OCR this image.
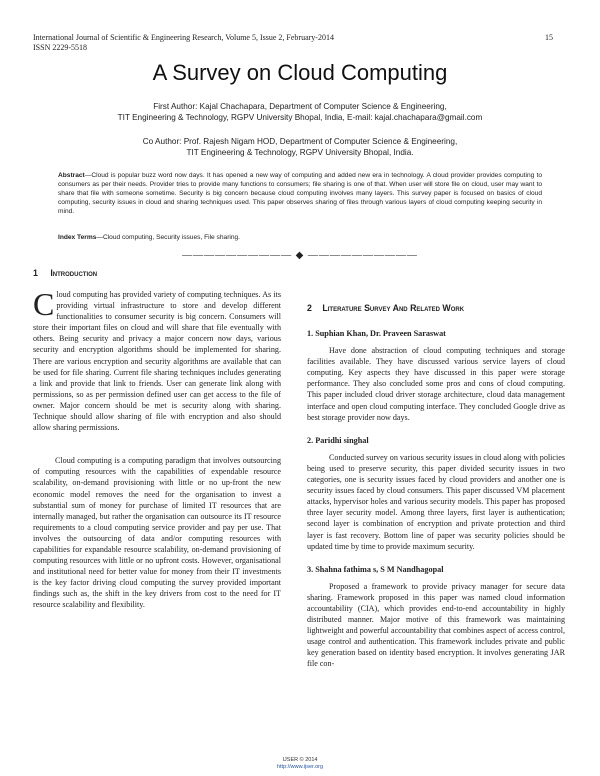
International Journal of Scientific & Engineering Research, Volume 5, Issue 2, February-2014
ISSN 2229-5518
15
A Survey on Cloud Computing
First Author: Kajal Chachapara, Department of Computer Science & Engineering,
TIT Engineering & Technology, RGPV University Bhopal, India, E-mail: kajal.chachapara@gmail.com
Co Author: Prof. Rajesh Nigam HOD, Department of Computer Science & Engineering,
TIT Engineering & Technology, RGPV University Bhopal, India.
Abstract—Cloud is popular buzz word now days. It has opened a new way of computing and added new era in technology. A cloud provider provides computing to consumers as per their needs. Provider tries to provide many functions to consumers; file sharing is one of that. When user will store file on cloud, user may want to share that file with someone sometime. Security is big concern because cloud computing involves many layers. This survey paper is focused on basics of cloud computing, security issues in cloud and sharing techniques used. This paper observes sharing of files through various layers of cloud computing keeping security in mind.
Index Terms—Cloud computing, Security issues, File sharing.
—————————— ◆ ——————————
1 Introduction

Cloud computing has provided variety of computing techniques. As its providing virtual infrastructure to store and develop different functionalities to consumer security is big concern. Consumers will store their important files on cloud and will share that file eventually with others. Being security and privacy a major concern now days, various security and encryption algorithms should be implemented for sharing. There are various encryption and security algorithms are available that can be used for file sharing. Current file sharing techniques includes generating a link and provide that link to friends. User can generate link along with permissions, so as per permission defined user can get access to the file of owner. Major concern should be met is security along with sharing. Technique should allow sharing of file with encryption and also should allow sharing permissions.

Cloud computing is a computing paradigm that involves outsourcing of computing resources with the capabilities of expendable resource scalability, on-demand provisioning with little or no up-front the new economic model removes the need for the organisation to invest a substantial sum of money for purchase of limited IT resources that are internally managed, but rather the organisation can outsource its IT resource requirements to a cloud computing service provider and pay per use. That involves the outsourcing of data and/or computing resources with capabilities for expandable resource scalability, on-demand provisioning of computing resources with little or no upfront costs. However, organisational and institutional need for better value for money from their IT investments is the key factor driving cloud computing the survey provided important findings such as, the shift in the key drivers from cost to the need for IT resource scalability and flexibility.

2 Literature Survey And Related Work
1. Suphian Khan, Dr. Praveen Saraswat

Have done abstraction of cloud computing techniques and storage facilities available. They have discussed various service layers of cloud computing. Key aspects they have discussed in this paper were storage performance. They also concluded some pros and cons of cloud computing. This paper included cloud driver storage architecture, cloud data management interface and open cloud computing interface. They concluded Google drive as best storage provider now days.

2. Paridhi singhal

Conducted survey on various security issues in cloud along with policies being used to preserve security, this paper divided security issues in two categories, one is security issues faced by cloud providers and another one is security issues faced by cloud consumers. This paper discussed VM placement attacks, hypervisor holes and various security models. This paper has proposed three layer security model. Among three layers, first layer is authentication; second layer is combination of encryption and private protection and third layer is fast recovery. Bottom line of paper was security policies should be updated time by time to provide maximum security.

3. Shahna fathima s, S M Nandhagopal

Proposed a framework to provide privacy manager for secure data sharing. Framework proposed in this paper was named cloud information accountability (CIA), which provides end-to-end accountability in highly distributed manner. Major motive of this framework was maintaining lightweight and powerful accountability that combines aspect of access control, usage control and authentication. This framework includes private and public key generation based on identity based encryption. It involves generating JAR file con-

IJSER © 2014
http://www.ijser.org
